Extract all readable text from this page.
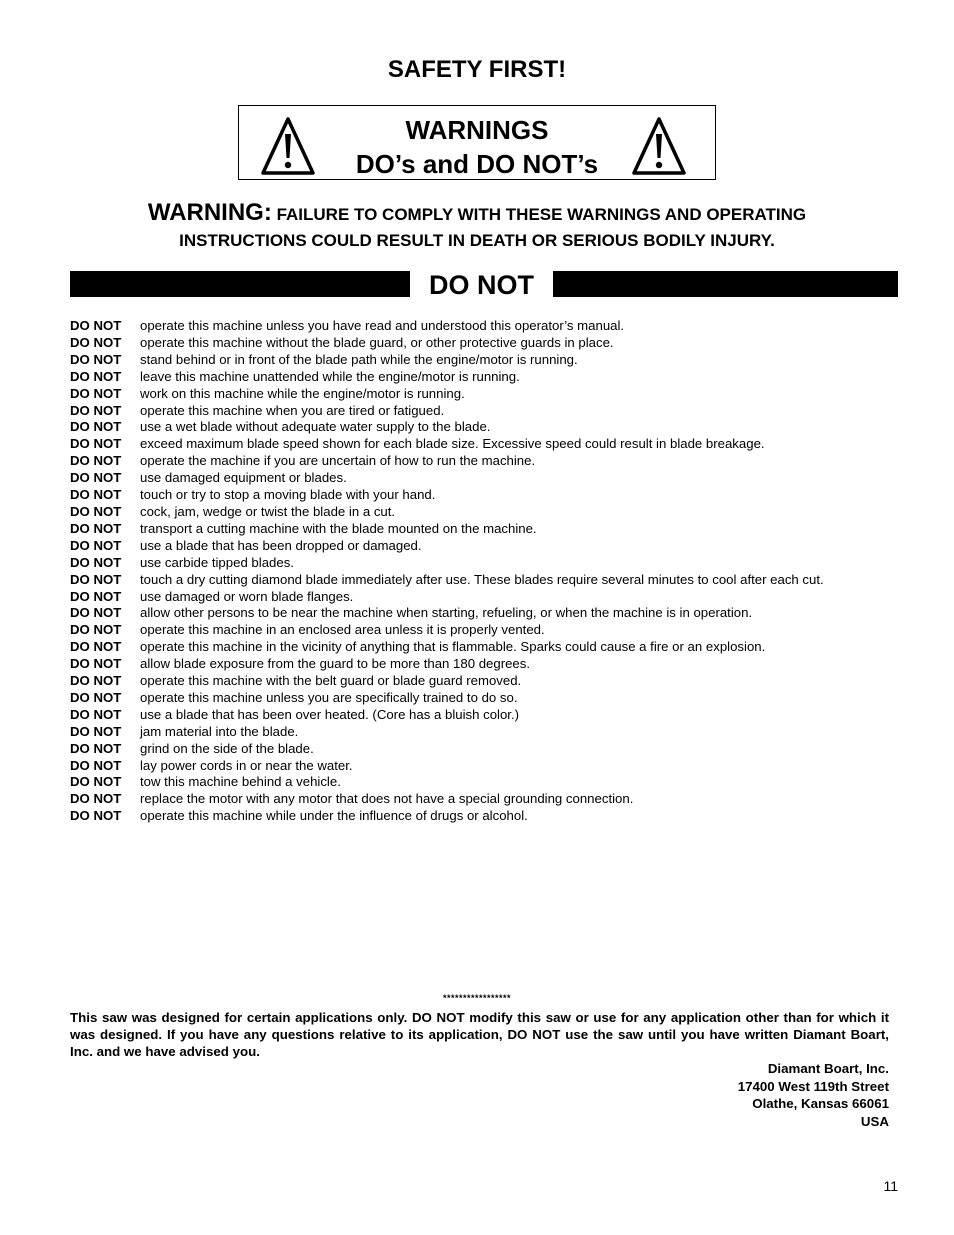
SAFETY FIRST!
WARNINGS
DO’s and DO NOT’s
WARNING: FAILURE TO COMPLY WITH THESE WARNINGS AND OPERATING
INSTRUCTIONS COULD RESULT IN DEATH OR SERIOUS BODILY INJURY.
DO NOT
DO NOT	operate this machine unless you have read and understood this operator’s manual.
DO NOT	operate this machine without the blade guard, or other protective guards in place.
DO NOT	stand behind or in front of the blade path while the engine/motor is running.
DO NOT	leave this machine unattended while the engine/motor is running.
DO NOT	work on this machine while the engine/motor is running.
DO NOT	operate this machine when you are tired or fatigued.
DO NOT	use a wet blade without adequate water supply to the blade.
DO NOT	exceed maximum blade speed shown for each blade size. Excessive speed could result in blade breakage.
DO NOT	operate the machine if you are uncertain of how to run the machine.
DO NOT	use damaged equipment or blades.
DO NOT	touch or try to stop a moving blade with your hand.
DO NOT	cock, jam, wedge or twist the blade in a cut.
DO NOT	transport a cutting machine with the blade mounted on the machine.
DO NOT	use a blade that has been dropped or damaged.
DO NOT	use carbide tipped blades.
DO NOT	touch a dry cutting diamond blade immediately after use. These blades require several minutes to cool after each cut.
DO NOT	use damaged or worn blade flanges.
DO NOT	allow other persons to be near the machine when starting, refueling, or when the machine is in operation.
DO NOT	operate this machine in an enclosed area unless it is properly vented.
DO NOT	operate this machine in the vicinity of anything that is flammable. Sparks could cause a fire or an explosion.
DO NOT	allow blade exposure from the guard to be more than 180 degrees.
DO NOT	operate this machine with the belt guard or blade guard removed.
DO NOT	operate this machine unless you are specifically trained to do so.
DO NOT	use a blade that has been over heated. (Core has a bluish color.)
DO NOT	jam material into the blade.
DO NOT	grind on the side of the blade.
DO NOT	lay power cords in or near the water.
DO NOT	tow this machine behind a vehicle.
DO NOT	replace the motor with any motor that does not have a special grounding connection.
DO NOT	operate this machine while under the influence of drugs or alcohol.
*****************
This saw was designed for certain applications only. DO NOT modify this saw or use for any application other than for which it was designed. If you have any questions relative to its application, DO NOT use the saw until you have written Diamant Boart, Inc. and we have advised you.
Diamant Boart, Inc.
17400 West 119th Street
Olathe, Kansas 66061
USA
11
